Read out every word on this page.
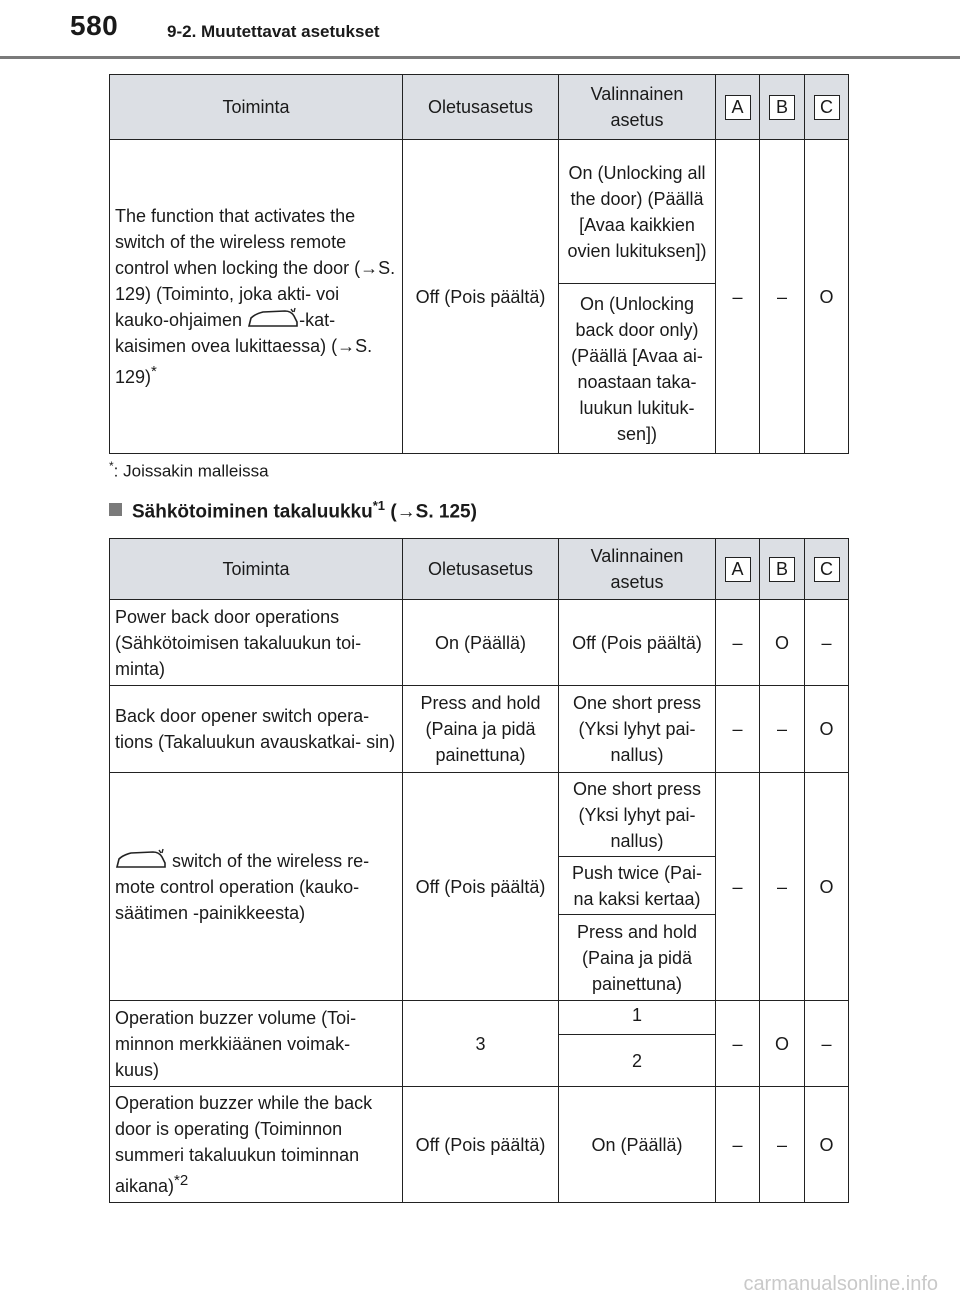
580	9-2. Muutettavat asetukset
Toiminta	Oletusasetus	Valinnainen asetus	A	B	C
The function that activates the switch of the wireless remote control when locking the door (→S. 129) (Toiminto, joka akti- voi kauko-ohjaimen -kat- kaisimen ovea lukittaessa) (→S. 129)*	Off (Pois päältä)	On (Unlocking all the door) (Päällä [Avaa kaikkien ovien lukituksen])	–	–	O
		On (Unlocking back door only) (Päällä [Avaa ai- noastaan taka- luukun lukituk- sen])			
*: Joissakin malleissa
Sähkötoiminen takaluukku$^{*1}$ (→S. 125)
Toiminta	Oletusasetus	Valinnainen asetus	A	B	C
Power back door operations (Sähkötoimisen takaluukun toi- minta)	On (Päällä)	Off (Pois päältä)	–	O	–
Back door opener switch opera- tions (Takaluukun avauskatkai- sin)	Press and hold (Paina ja pidä painettuna)	One short press (Yksi lyhyt pai- nallus)	–	–	O
switch of the wireless re- mote control operation (kauko- säätimen -painikkeesta)	Off (Pois päältä)	One short press (Yksi lyhyt pai- nallus)	–	–	O
		Push twice (Pai- na kaksi kertaa)			
		Press and hold (Paina ja pidä painettuna)			
Operation buzzer volume (Toi- minnon merkkiäänen voimak- kuus)	3	1	–	O	–
		2			
Operation buzzer while the back door is operating (Toiminnon summeri takaluukun toiminnan aikana)$^{*2}$	Off (Pois päältä)	On (Päällä)	–	–	O
carmanualsonline.info
